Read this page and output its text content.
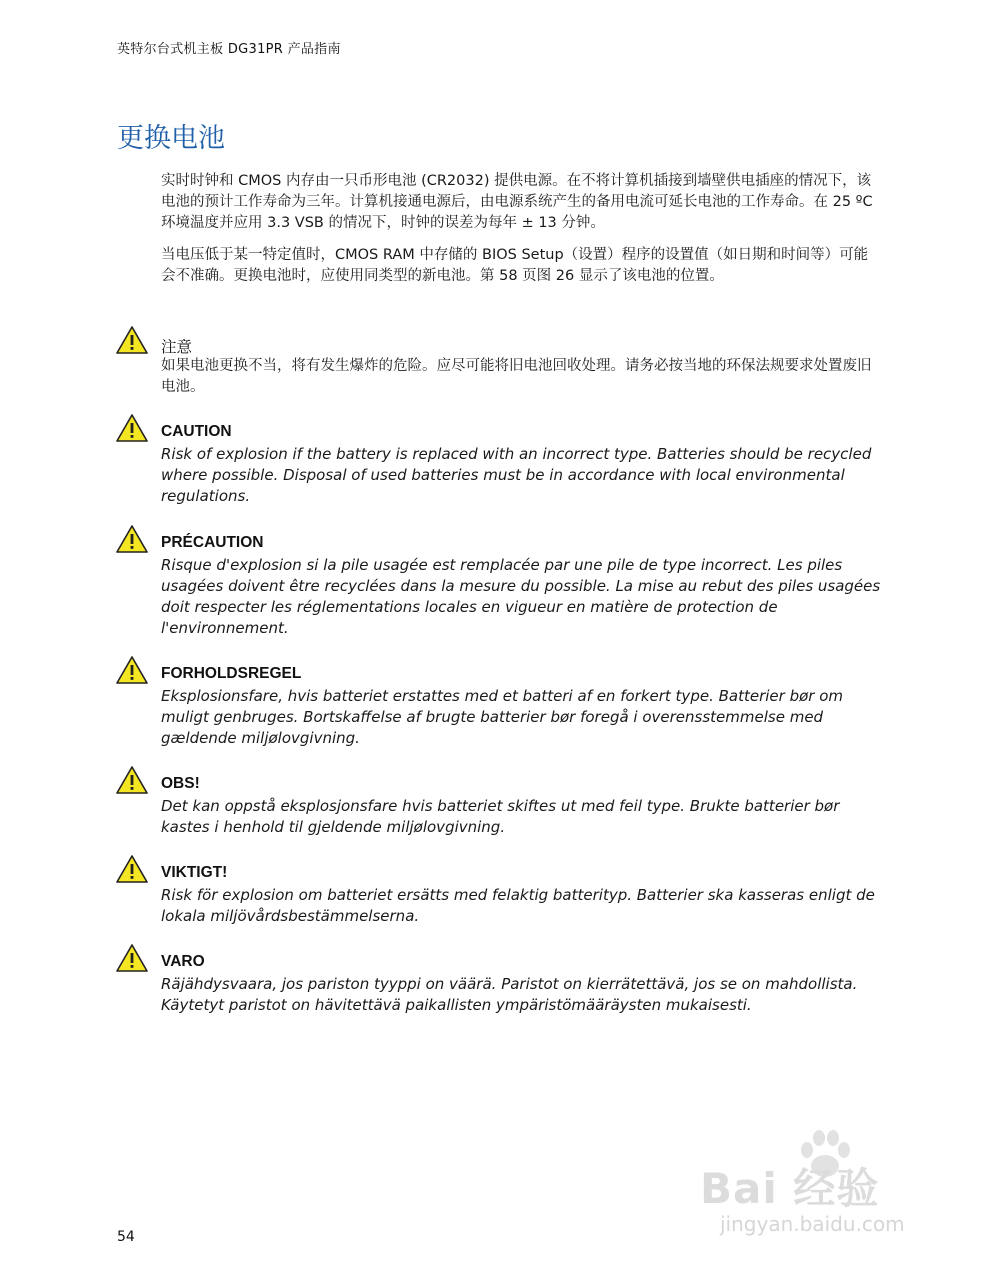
英特尔台式机主板 DG31PR 产品指南
更换电池
实时时钟和 CMOS 内存由一只币形电池 (CR2032) 提供电源。在不将计算机插接到墙壁供电插座的情况下，该电池的预计工作寿命为三年。计算机接通电源后，由电源系统产生的备用电流可延长电池的工作寿命。在 25 ºC 环境温度并应用 3.3 VSB 的情况下，时钟的误差为每年 ± 13 分钟。
当电压低于某一特定值时，CMOS RAM 中存储的 BIOS Setup（设置）程序的设置值（如日期和时间等）可能会不准确。更换电池时，应使用同类型的新电池。第 58 页图 26 显示了该电池的位置。
注意
如果电池更换不当，将有发生爆炸的危险。应尽可能将旧电池回收处理。请务必按当地的环保法规要求处置废旧电池。
CAUTION
Risk of explosion if the battery is replaced with an incorrect type. Batteries should be recycled where possible. Disposal of used batteries must be in accordance with local environmental regulations.
PRÉCAUTION
Risque d'explosion si la pile usagée est remplacée par une pile de type incorrect. Les piles usagées doivent être recyclées dans la mesure du possible. La mise au rebut des piles usagées doit respecter les réglementations locales en vigueur en matière de protection de l'environnement.
FORHOLDSREGEL
Eksplosionsfare, hvis batteriet erstattes med et batteri af en forkert type. Batterier bør om muligt genbruges. Bortskaffelse af brugte batterier bør foregå i overensstemmelse med gældende miljølovgivning.
OBS!
Det kan oppstå eksplosjonsfare hvis batteriet skiftes ut med feil type. Brukte batterier bør kastes i henhold til gjeldende miljølovgivning.
VIKTIGT!
Risk för explosion om batteriet ersätts med felaktig batterityp. Batterier ska kasseras enligt de lokala miljövårdsbestämmelserna.
VARO
Räjähdysvaara, jos pariston tyyppi on väärä. Paristot on kierrätettävä, jos se on mahdollista. Käytetyt paristot on hävitettävä paikallisten ympäristömääräysten mukaisesti.
54
Bai 经验
jingyan.baidu.com
